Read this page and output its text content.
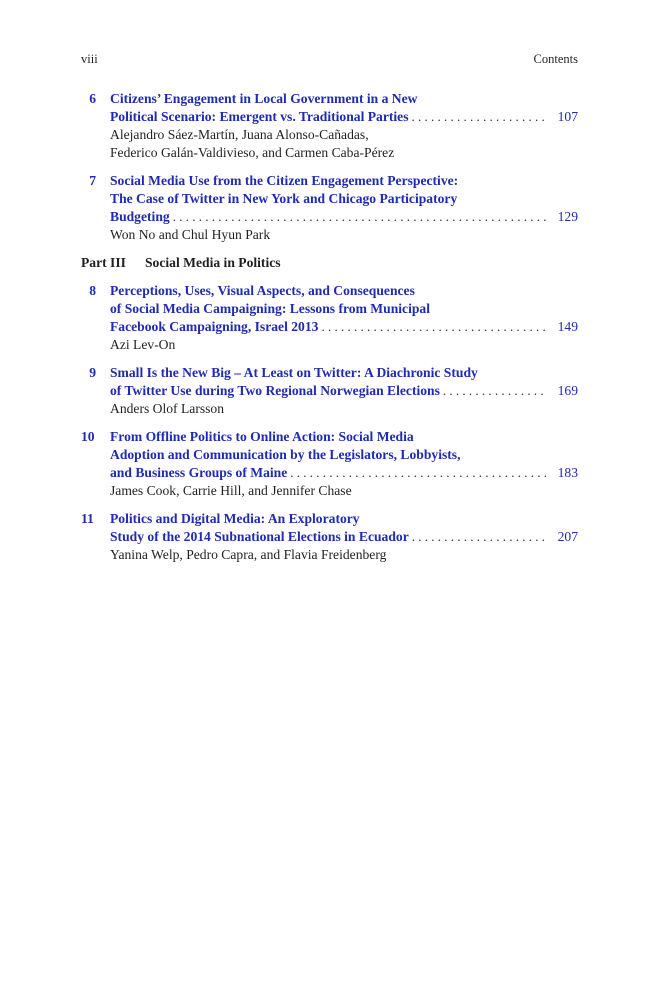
viii	Contents
6 Citizens’ Engagement in Local Government in a New
Political Scenario: Emergent vs. Traditional Parties . . .	107
Alejandro Sáez-Martín, Juana Alonso-Cañadas,
Federico Galán-Valdivieso, and Carmen Caba-Pérez
7 Social Media Use from the Citizen Engagement Perspective:
The Case of Twitter in New York and Chicago Participatory
Budgeting . . .	129
Won No and Chul Hyun Park
Part III Social Media in Politics
8 Perceptions, Uses, Visual Aspects, and Consequences
of Social Media Campaigning: Lessons from Municipal
Facebook Campaigning, Israel 2013 . . .	149
Azi Lev-On
9 Small Is the New Big – At Least on Twitter: A Diachronic Study
of Twitter Use during Two Regional Norwegian Elections . . .	169
Anders Olof Larsson
10 From Offline Politics to Online Action: Social Media
Adoption and Communication by the Legislators, Lobbyists,
and Business Groups of Maine . . .	183
James Cook, Carrie Hill, and Jennifer Chase
11 Politics and Digital Media: An Exploratory
Study of the 2014 Subnational Elections in Ecuador . . .	207
Yanina Welp, Pedro Capra, and Flavia Freidenberg
